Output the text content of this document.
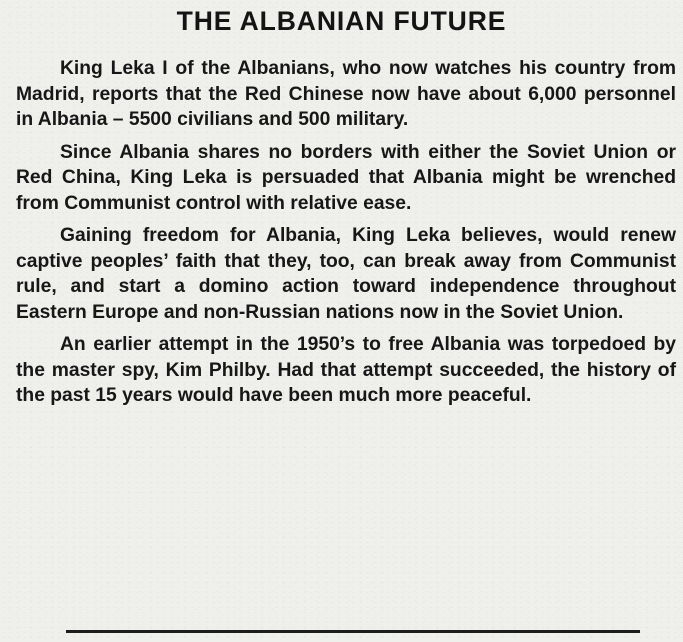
THE ALBANIAN FUTURE

King Leka I of the Albanians, who now watches his country from Madrid, reports that the Red Chinese now have about 6,000 personnel in Albania – 5500 civilians and 500 military.

Since Albania shares no borders with either the Soviet Union or Red China, King Leka is persuaded that Albania might be wrenched from Communist control with relative ease.

Gaining freedom for Albania, King Leka believes, would renew captive peoples’ faith that they, too, can break away from Communist rule, and start a domino action toward independence throughout Eastern Europe and non-Russian nations now in the Soviet Union.

An earlier attempt in the 1950’s to free Albania was torpedoed by the master spy, Kim Philby. Had that attempt succeeded, the history of the past 15 years would have been much more peaceful.
